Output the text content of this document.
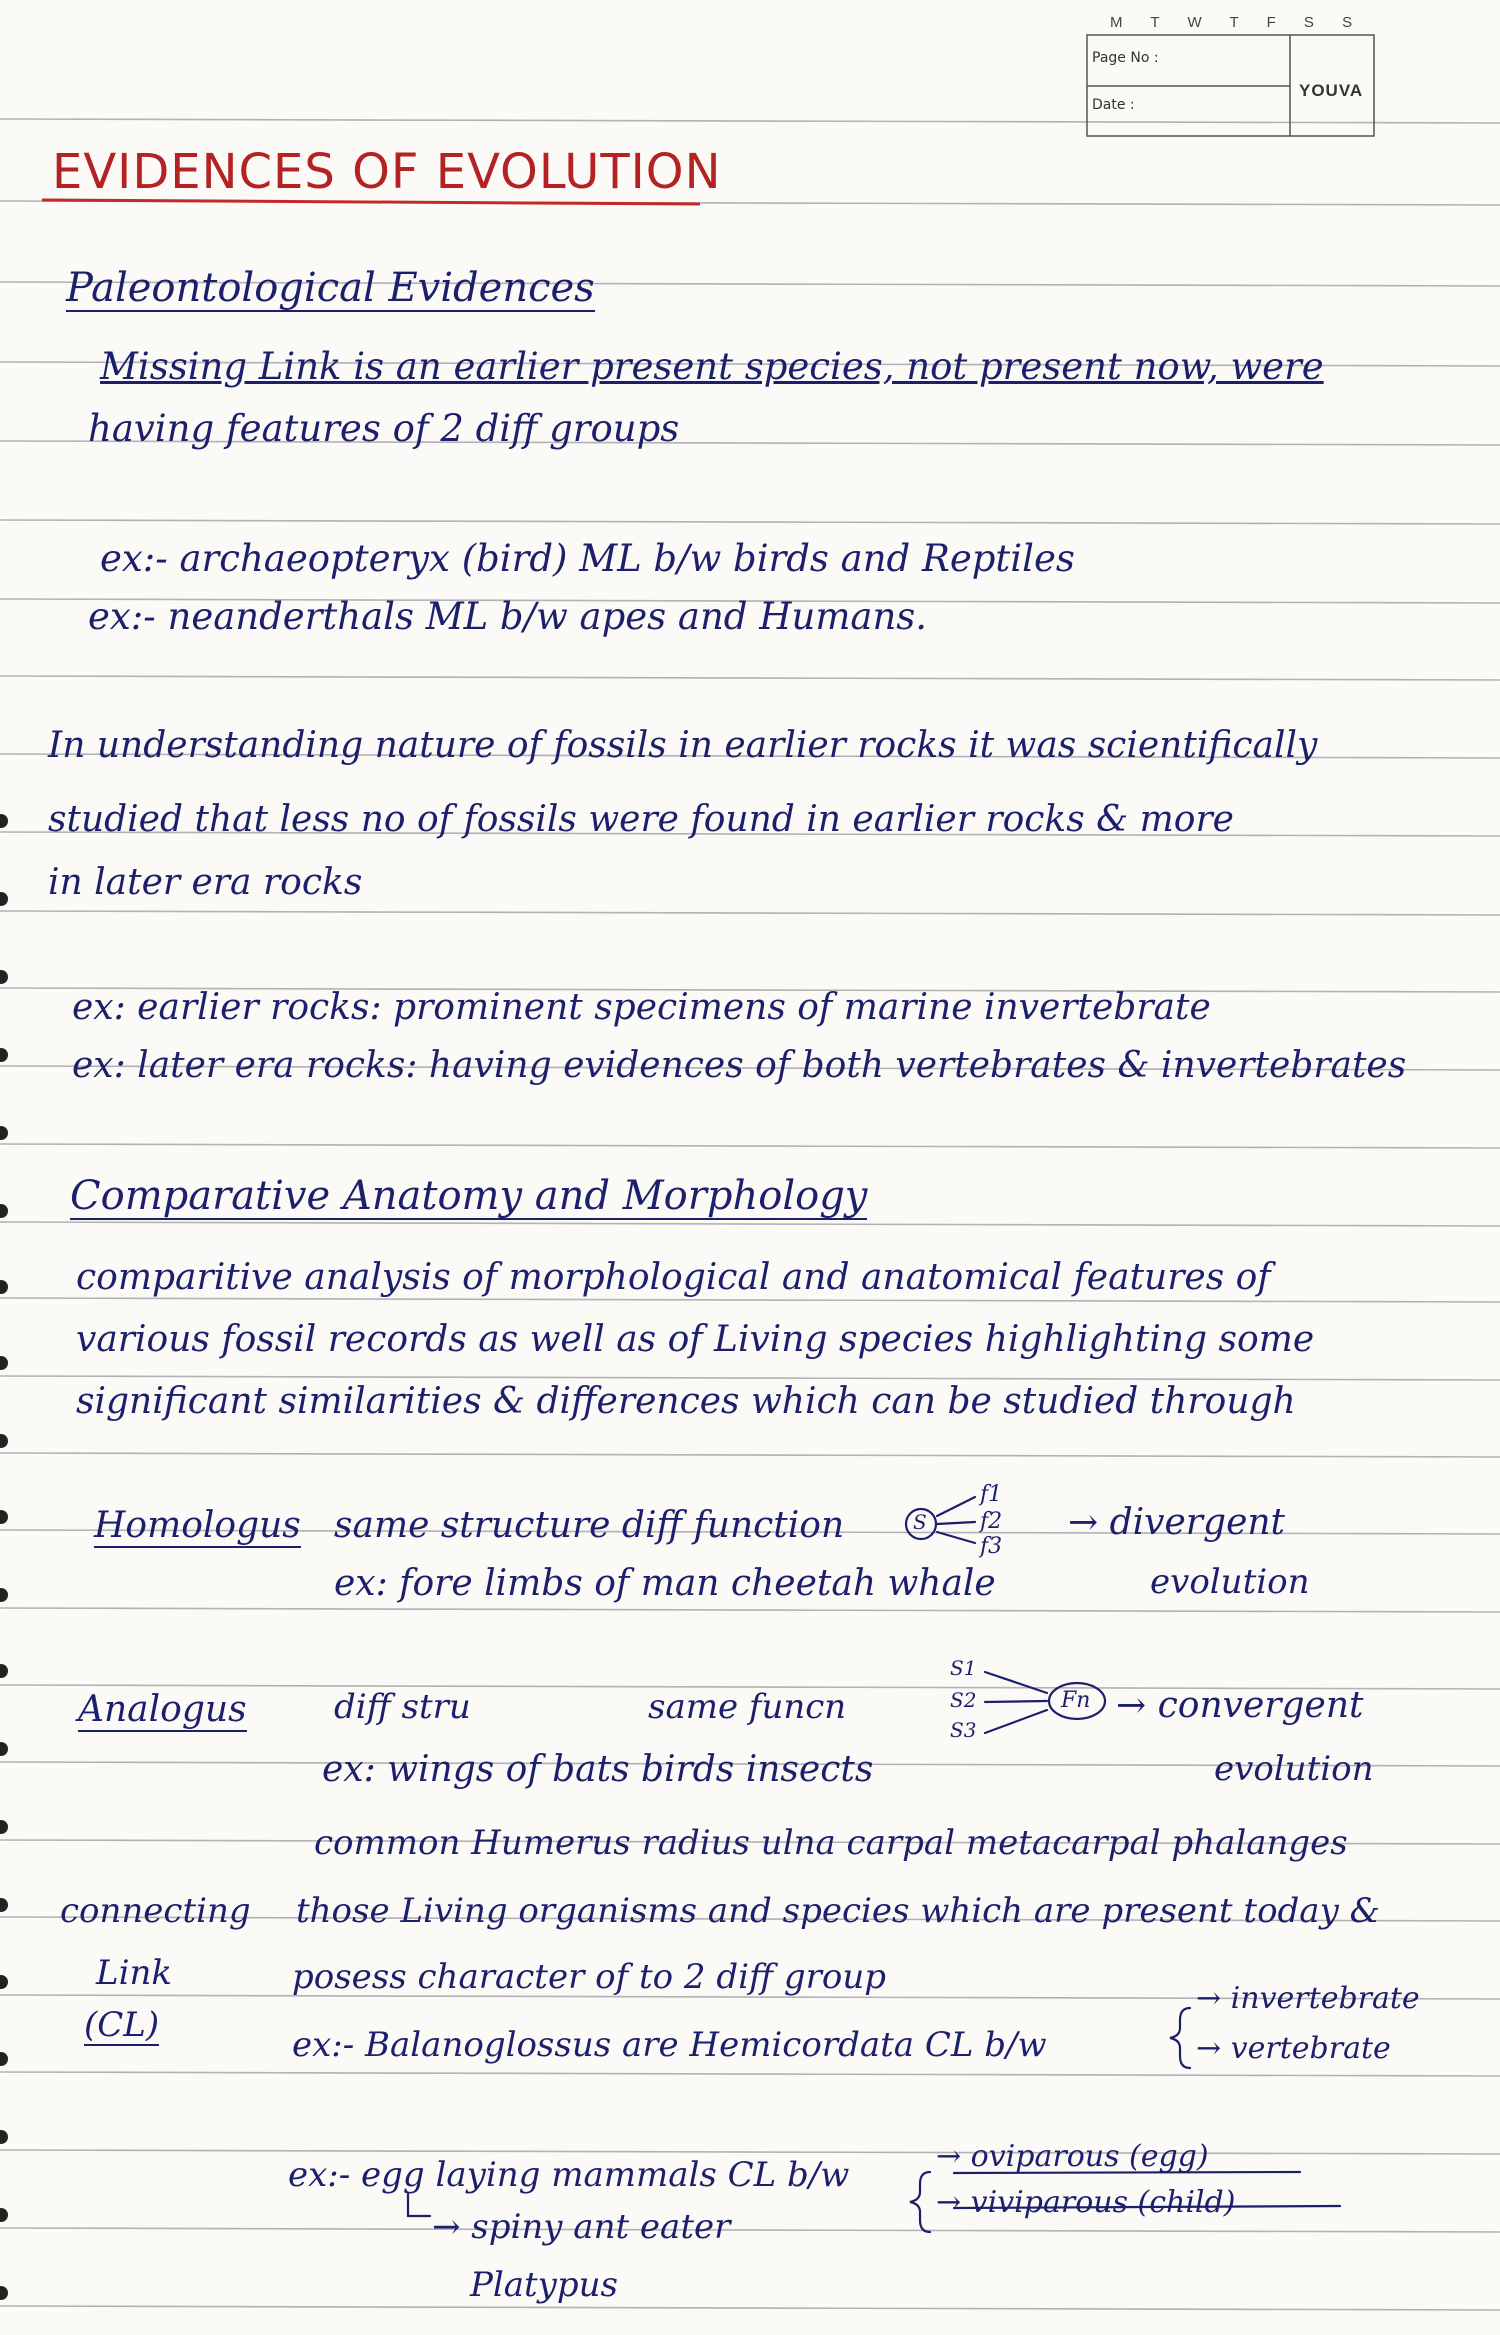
M T W T F S S
Page No :
Date :
YOUVA
EVIDENCES OF EVOLUTION
Paleontological Evidences
Missing Link is an earlier present species, not present now, were
having features of 2 diff groups
ex:- archaeopteryx (bird) ML b/w birds and Reptiles
ex:- neanderthals ML b/w apes and Humans.
In understanding nature of fossils in earlier rocks it was scientifically
studied that less no of fossils were found in earlier rocks & more
in later era rocks
ex: earlier rocks: prominent specimens of marine invertebrate
ex: later era rocks: having evidences of both vertebrates & invertebrates
Comparative Anatomy and Morphology
comparitive analysis of morphological and anatomical features of
various fossil records as well as of Living species highlighting some
significant similarities & differences which can be studied through
Homologus same structure diff function	S
f1
f2
f3
→ divergent
evolution
ex: fore limbs of man cheetah whale
Analogus	diff stru	same funcn
S1
S2
S3
Fn → convergent
evolution
ex: wings of bats birds insects
common Humerus radius ulna carpal metacarpal phalanges
connecting
Link
(CL)
those Living organisms and species which are present today &
posess character of to 2 diff group
ex:- Balanoglossus are Hemicordata CL b/w
→ invertebrate
→ vertebrate
ex:- egg laying mammals CL b/w	→ oviparous (egg)
→ viviparous (child)
→ spiny ant eater
Platypus
